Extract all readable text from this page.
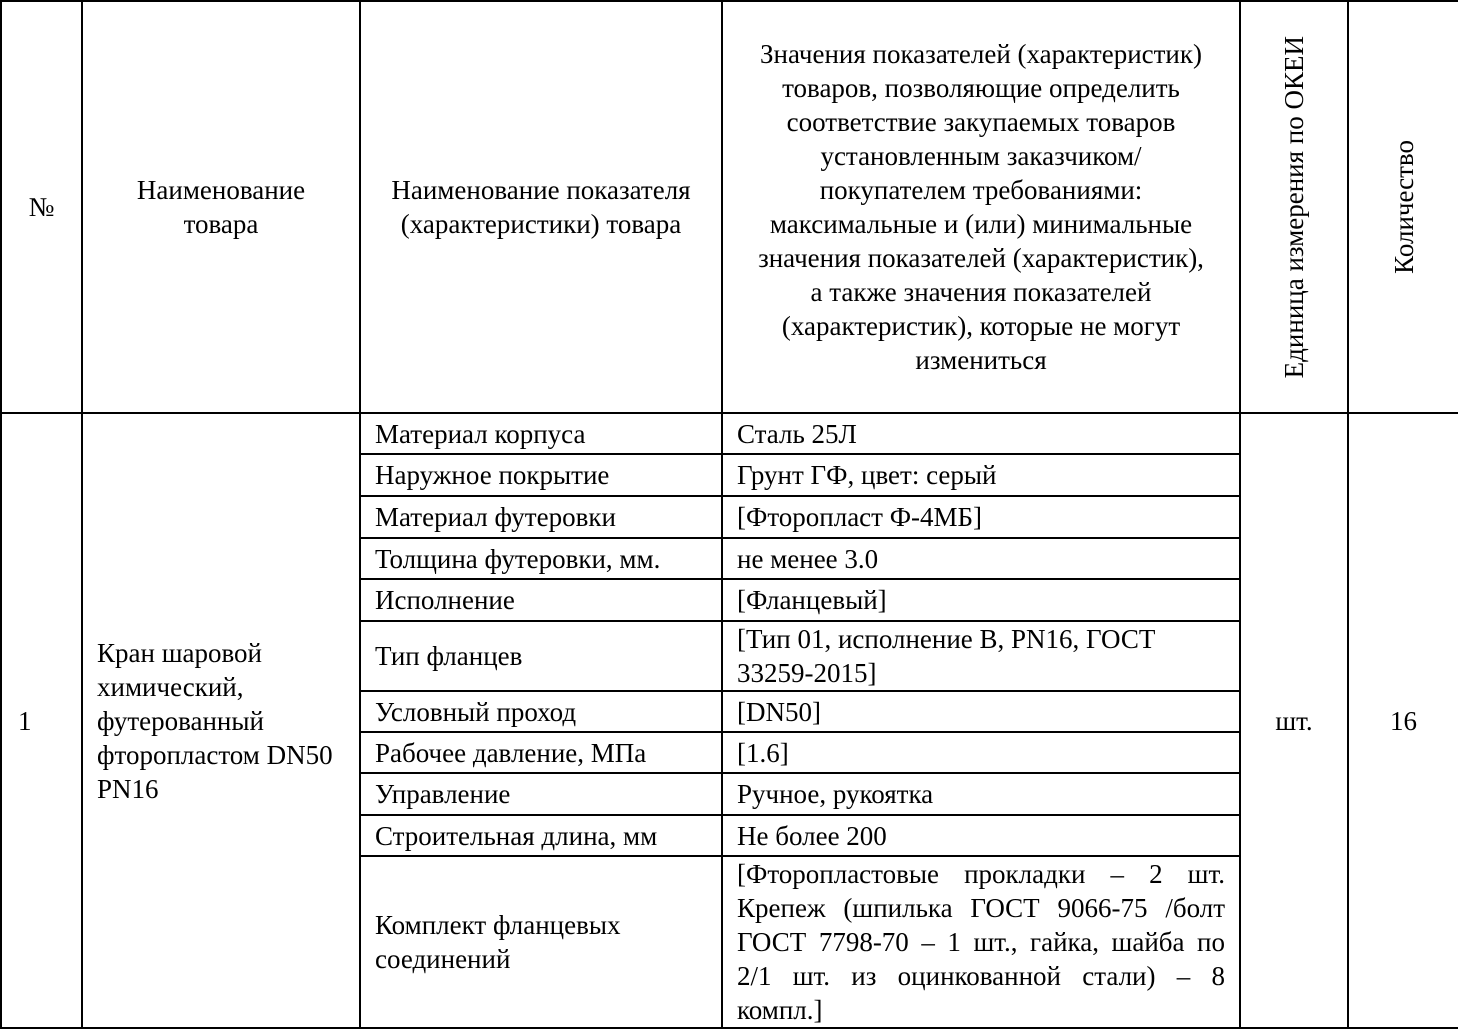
№	Наименование товара	Наименование показателя (характеристики) товара	Значения показателей (характеристик) товаров, позволяющие определить соответствие закупаемых товаров установленным заказчиком/покупателем требованиями: максимальные и (или) минимальные значения показателей (характеристик), а также значения показателей (характеристик), которые не могут измениться	Единица измерения по ОКЕИ	Количество

1	Кран шаровой химический, футерованный фторопластом DN50 PN16	Материал корпуса	Сталь 25Л	шт.	16
		Наружное покрытие	Грунт ГФ, цвет: серый		
		Материал футеровки	[Фторопласт Ф-4МБ]		
		Толщина футеровки, мм.	не менее 3.0		
		Исполнение	[Фланцевый]		
		Тип фланцев	[Тип 01, исполнение В, PN16, ГОСТ 33259-2015]		
		Условный проход	[DN50]		
		Рабочее давление, МПа	[1.6]		
		Управление	Ручное, рукоятка		
		Строительная длина, мм	Не более 200		
		Комплект фланцевых соединений	[Фторопластовые прокладки – 2 шт. Крепеж (шпилька ГОСТ 9066-75 /болт ГОСТ 7798-70 – 1 шт., гайка, шайба по 2/1 шт. из оцинкованной стали) – 8 компл.]		
